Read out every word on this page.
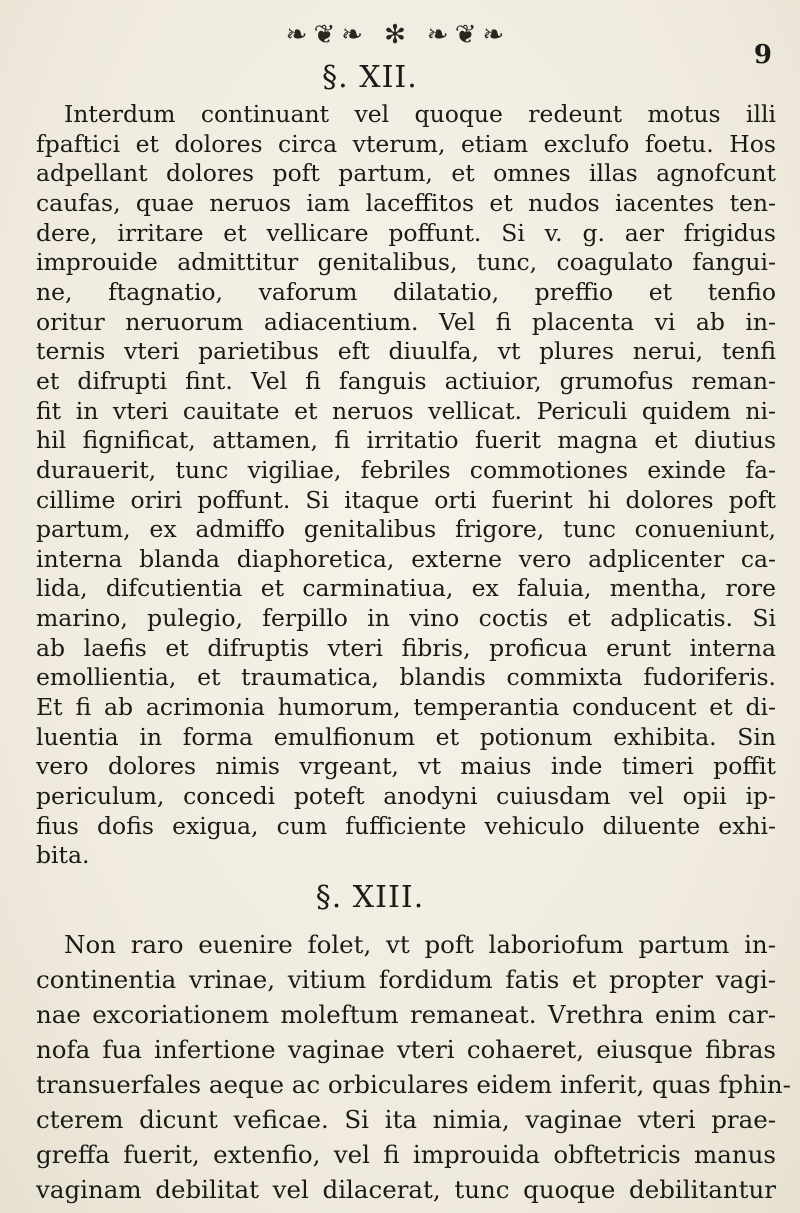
❧❦❧ ✻ ❧❦❧
9
§. XII.
Interdum continuant vel quoque redeunt motus illi
fpaftici et dolores circa vterum, etiam exclufo foetu. Hos
adpellant dolores poft partum, et omnes illas agnofcunt
caufas, quae neruos iam laceffitos et nudos iacentes ten-
dere, irritare et vellicare poffunt. Si v. g. aer frigidus
improuide admittitur genitalibus, tunc, coagulato fangui-
ne, ftagnatio, vaforum dilatatio, preffio et tenfio
oritur neruorum adiacentium. Vel fi placenta vi ab in-
ternis vteri parietibus eft diuulfa, vt plures nerui, tenfi
et difrupti fint. Vel fi fanguis actiuior, grumofus reman-
fit in vteri cauitate et neruos vellicat. Periculi quidem ni-
hil fignificat, attamen, fi irritatio fuerit magna et diutius
durauerit, tunc vigiliae, febriles commotiones exinde fa-
cillime oriri poffunt. Si itaque orti fuerint hi dolores poft
partum, ex admiffo genitalibus frigore, tunc conueniunt,
interna blanda diaphoretica, externe vero adplicenter ca-
lida, difcutientia et carminatiua, ex faluia, mentha, rore
marino, pulegio, ferpillo in vino coctis et adplicatis. Si
ab laefis et difruptis vteri fibris, proficua erunt interna
emollientia, et traumatica, blandis commixta fudoriferis.
Et fi ab acrimonia humorum, temperantia conducent et di-
luentia in forma emulfionum et potionum exhibita. Sin
vero dolores nimis vrgeant, vt maius inde timeri poffit
periculum, concedi poteft anodyni cuiusdam vel opii ip-
fius dofis exigua, cum fufficiente vehiculo diluente exhi-
bita.
§. XIII.
Non raro euenire folet, vt poft laboriofum partum in-
continentia vrinae, vitium fordidum fatis et propter vagi-
nae excoriationem moleftum remaneat. Vrethra enim car-
nofa fua infertione vaginae vteri cohaeret, eiusque fibras
transuerfales aeque ac orbiculares eidem inferit, quas fphin-
cterem dicunt veficae. Si ita nimia, vaginae vteri prae-
greffa fuerit, extenfio, vel fi improuida obftetricis manus
vaginam debilitat vel dilacerat, tunc quoque debilitantur
